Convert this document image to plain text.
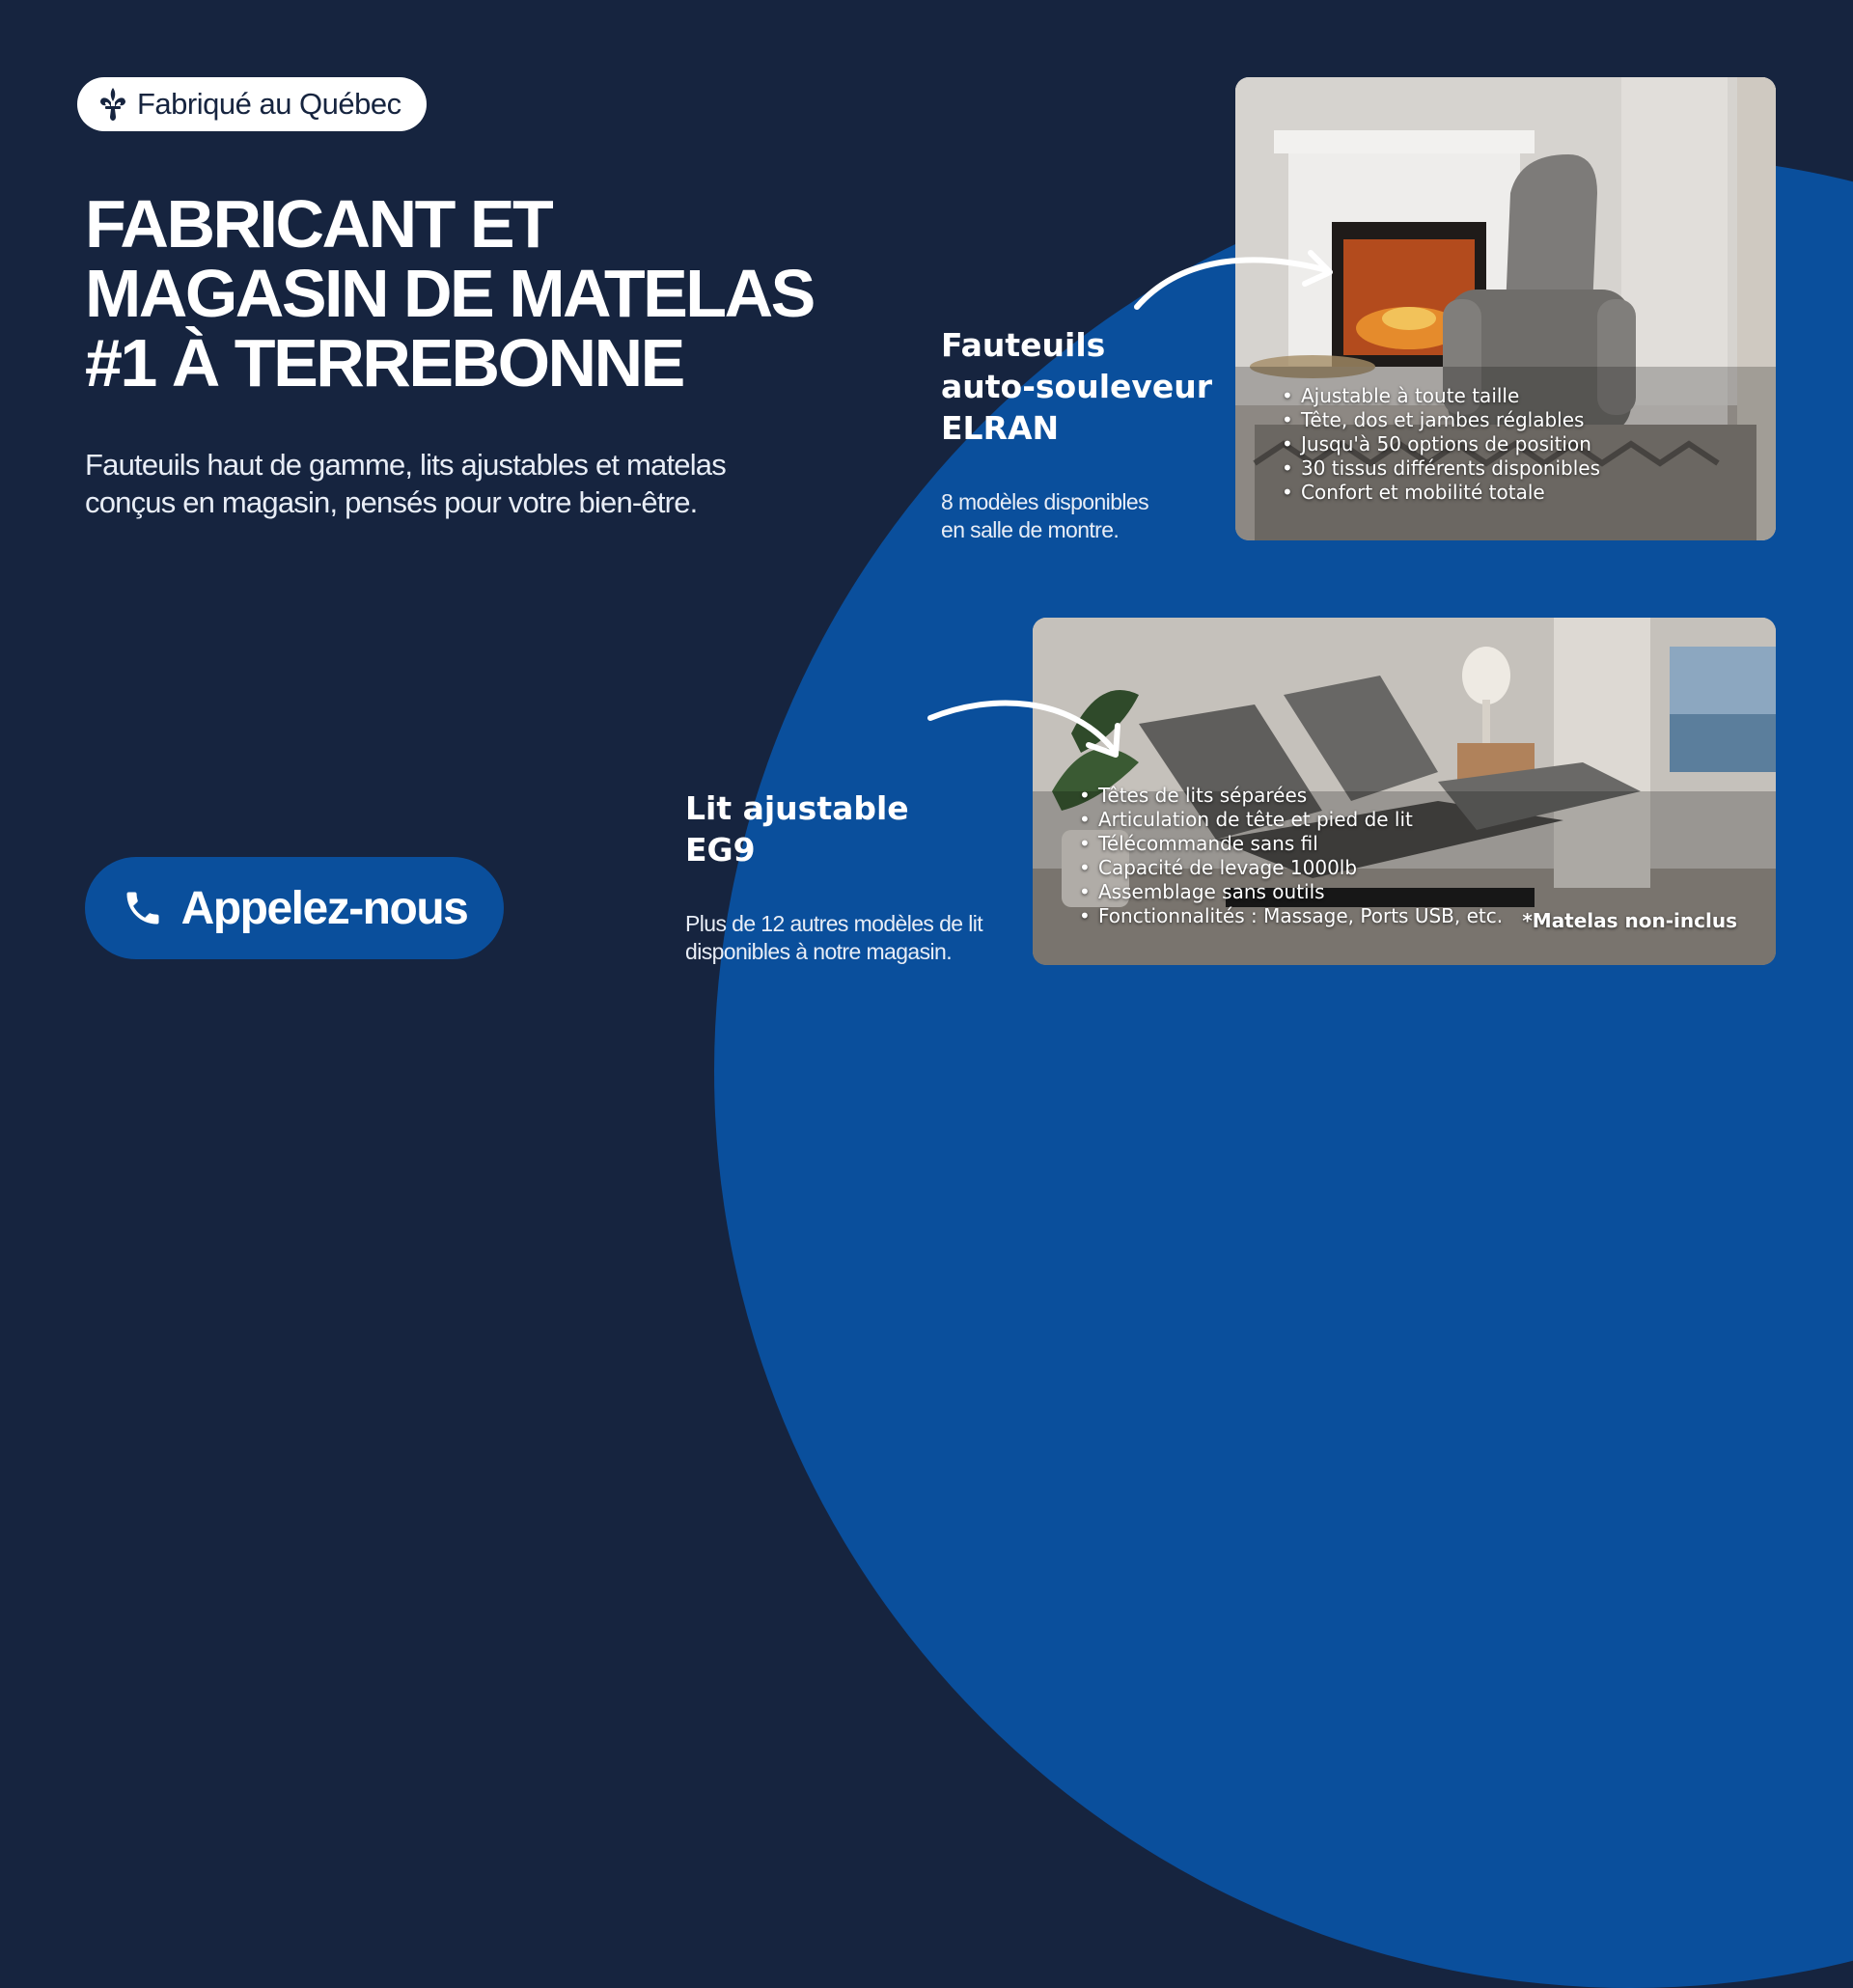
Fabriqué au Québec
FABRICANT ET
MAGASIN DE MATELAS
#1 À TERREBONNE
Fauteuils haut de gamme, lits ajustables et matelas
conçus en magasin, pensés pour votre bien-être.
Appelez-nous
Fauteuils
auto-souleveur
ELRAN
8 modèles disponibles
en salle de montre.
• Ajustable à toute taille
• Tête, dos et jambes réglables
• Jusqu'à 50 options de position
• 30 tissus différents disponibles
• Confort et mobilité totale
• Têtes de lits séparées
• Articulation de tête et pied de lit
• Télécommande sans fil
• Capacité de levage 1000lb
• Assemblage sans outils
• Fonctionnalités : Massage, Ports USB, etc. *Matelas non-inclus
Lit ajustable
EG9
Plus de 12 autres modèles de lit
disponibles à notre magasin.
